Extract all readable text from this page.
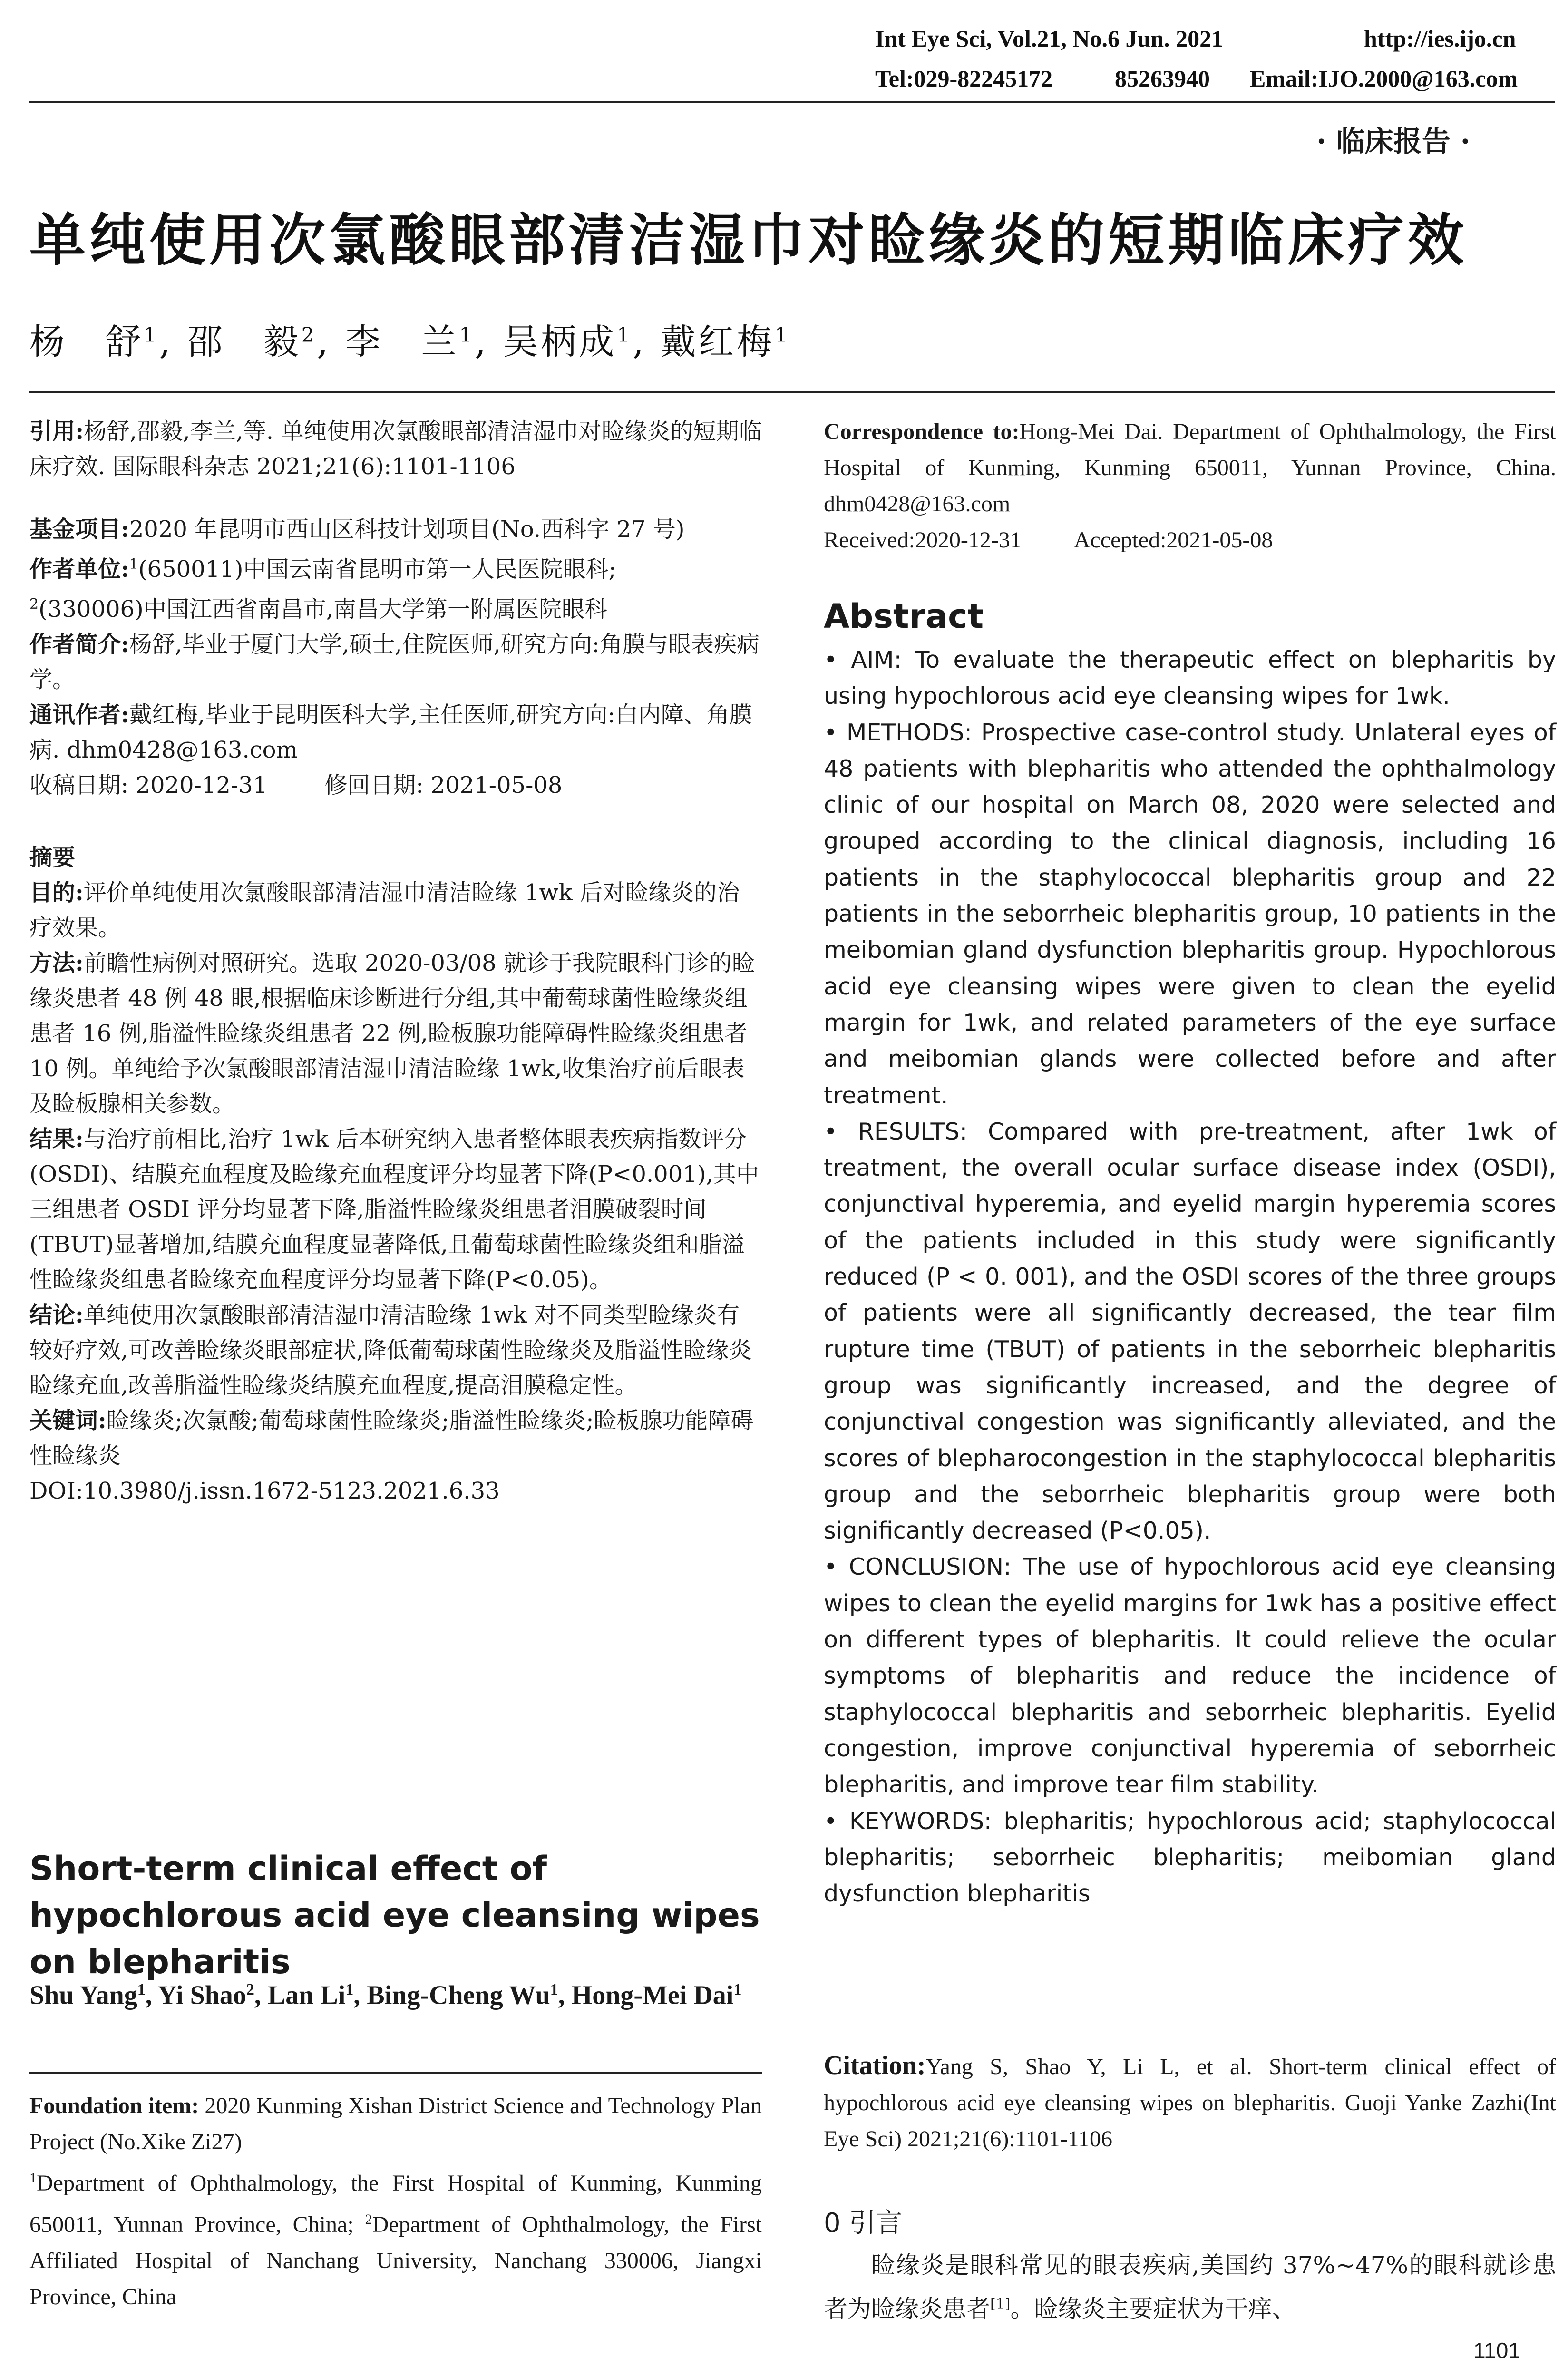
Int Eye Sci, Vol.21, No.6 Jun. 2021	http://ies.ijo.cn
Tel:029-82245172	85263940 Email:IJO.2000@163.com
· 临床报告 ·
单纯使用次氯酸眼部清洁湿巾对睑缘炎的短期临床疗效
杨　舒$^1$, 邵　毅$^2$, 李　兰$^1$, 吴柄成$^1$, 戴红梅$^1$

引用:杨舒,邵毅,李兰,等. 单纯使用次氯酸眼部清洁湿巾对睑缘炎的短期临床疗效. 国际眼科杂志 2021;21(6):1101-1106

基金项目:2020 年昆明市西山区科技计划项目(No.西科字 27 号)

作者单位:$^1$(650011)中国云南省昆明市第一人民医院眼科;
$^2$(330006)中国江西省南昌市,南昌大学第一附属医院眼科

作者简介:杨舒,毕业于厦门大学,硕士,住院医师,研究方向:角膜与眼表疾病学。

通讯作者:戴红梅,毕业于昆明医科大学,主任医师,研究方向:白内障、角膜病. dhm0428@163.com

收稿日期: 2020-12-31	修回日期: 2021-05-08

摘要

目的:评价单纯使用次氯酸眼部清洁湿巾清洁睑缘 1wk 后对睑缘炎的治疗效果。

方法:前瞻性病例对照研究。选取 2020-03/08 就诊于我院眼科门诊的睑缘炎患者 48 例 48 眼,根据临床诊断进行分组,其中葡萄球菌性睑缘炎组患者 16 例,脂溢性睑缘炎组患者 22 例,睑板腺功能障碍性睑缘炎组患者 10 例。单纯给予次氯酸眼部清洁湿巾清洁睑缘 1wk,收集治疗前后眼表及睑板腺相关参数。

结果:与治疗前相比,治疗 1wk 后本研究纳入患者整体眼表疾病指数评分(OSDI)、结膜充血程度及睑缘充血程度评分均显著下降(P<0.001),其中三组患者 OSDI 评分均显著下降,脂溢性睑缘炎组患者泪膜破裂时间(TBUT)显著增加,结膜充血程度显著降低,且葡萄球菌性睑缘炎组和脂溢性睑缘炎组患者睑缘充血程度评分均显著下降(P<0.05)。

结论:单纯使用次氯酸眼部清洁湿巾清洁睑缘 1wk 对不同类型睑缘炎有较好疗效,可改善睑缘炎眼部症状,降低葡萄球菌性睑缘炎及脂溢性睑缘炎睑缘充血,改善脂溢性睑缘炎结膜充血程度,提高泪膜稳定性。

关键词:睑缘炎;次氯酸;葡萄球菌性睑缘炎;脂溢性睑缘炎;睑板腺功能障碍性睑缘炎

DOI:10.3980/j.issn.1672-5123.2021.6.33

Short-term clinical effect of hypochlorous acid eye cleansing wipes on blepharitis
Shu Yang$^1$, Yi Shao$^2$, Lan Li$^1$, Bing-Cheng Wu$^1$, Hong-Mei Dai$^1$

Foundation item: 2020 Kunming Xishan District Science and Technology Plan Project (No.Xike Zi27)

$^1$Department of Ophthalmology, the First Hospital of Kunming, Kunming 650011, Yunnan Province, China; $^2$Department of Ophthalmology, the First Affiliated Hospital of Nanchang University, Nanchang 330006, Jiangxi Province, China

Correspondence to:Hong-Mei Dai. Department of Ophthalmology, the First Hospital of Kunming, Kunming 650011, Yunnan Province, China. dhm0428@163.com

Received:2020-12-31 Accepted:2021-05-08

Abstract

• AIM: To evaluate the therapeutic effect on blepharitis by using hypochlorous acid eye cleansing wipes for 1wk.

• METHODS: Prospective case-control study. Unlateral eyes of 48 patients with blepharitis who attended the ophthalmology clinic of our hospital on March 08, 2020 were selected and grouped according to the clinical diagnosis, including 16 patients in the staphylococcal blepharitis group and 22 patients in the seborrheic blepharitis group, 10 patients in the meibomian gland dysfunction blepharitis group. Hypochlorous acid eye cleansing wipes were given to clean the eyelid margin for 1wk, and related parameters of the eye surface and meibomian glands were collected before and after treatment.

• RESULTS: Compared with pre-treatment, after 1wk of treatment, the overall ocular surface disease index (OSDI), conjunctival hyperemia, and eyelid margin hyperemia scores of the patients included in this study were significantly reduced (P < 0. 001), and the OSDI scores of the three groups of patients were all significantly decreased, the tear film rupture time (TBUT) of patients in the seborrheic blepharitis group was significantly increased, and the degree of conjunctival congestion was significantly alleviated, and the scores of blepharocongestion in the staphylococcal blepharitis group and the seborrheic blepharitis group were both significantly decreased (P<0.05).

• CONCLUSION: The use of hypochlorous acid eye cleansing wipes to clean the eyelid margins for 1wk has a positive effect on different types of blepharitis. It could relieve the ocular symptoms of blepharitis and reduce the incidence of staphylococcal blepharitis and seborrheic blepharitis. Eyelid congestion, improve conjunctival hyperemia of seborrheic blepharitis, and improve tear film stability.

• KEYWORDS: blepharitis; hypochlorous acid; staphylococcal blepharitis; seborrheic blepharitis; meibomian gland dysfunction blepharitis

Citation:Yang S, Shao Y, Li L, et al. Short-term clinical effect of hypochlorous acid eye cleansing wipes on blepharitis. Guoji Yanke Zazhi(Int Eye Sci) 2021;21(6):1101-1106

0 引言
睑缘炎是眼科常见的眼表疾病,美国约 37%~47%的眼科就诊患者为睑缘炎患者[1]。睑缘炎主要症状为干痒、
1101
